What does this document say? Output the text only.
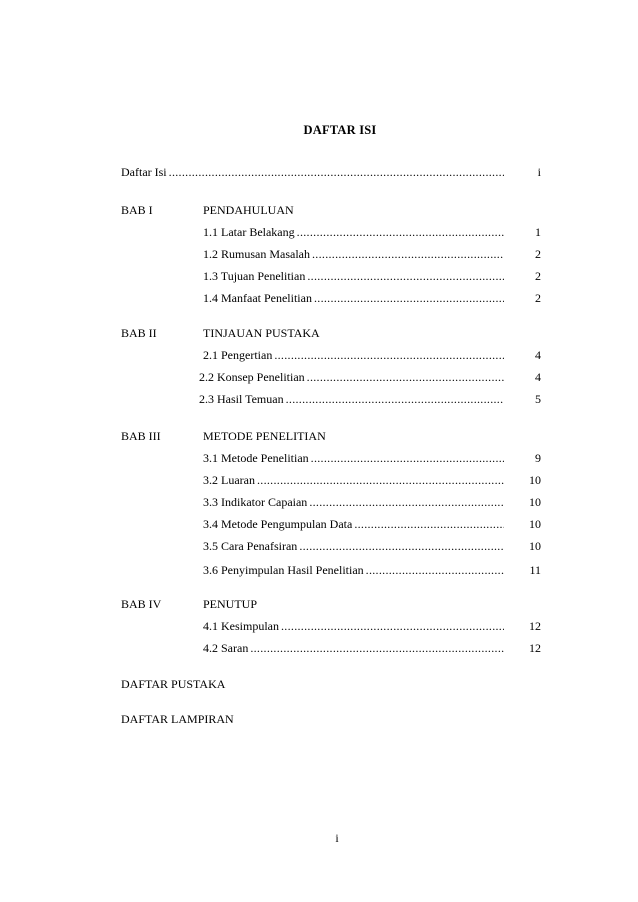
DAFTAR ISI
Daftar Isi .....	i
BAB I	PENDAHULUAN
1.1 Latar Belakang .....	1
1.2 Rumusan Masalah .....	2
1.3 Tujuan Penelitian .....	2
1.4 Manfaat Penelitian .....	2
BAB II	TINJAUAN PUSTAKA
2.1 Pengertian .....	4
2.2 Konsep Penelitian .....	4
2.3 Hasil Temuan .....	5
BAB III	METODE PENELITIAN
3.1 Metode Penelitian .....	9
3.2 Luaran .....	10
3.3 Indikator Capaian .....	10
3.4 Metode Pengumpulan Data .....	10
3.5 Cara Penafsiran .....	10
3.6 Penyimpulan Hasil Penelitian .....	11
BAB IV	PENUTUP
4.1 Kesimpulan .....	12
4.2 Saran .....	12
DAFTAR PUSTAKA
DAFTAR LAMPIRAN
i
